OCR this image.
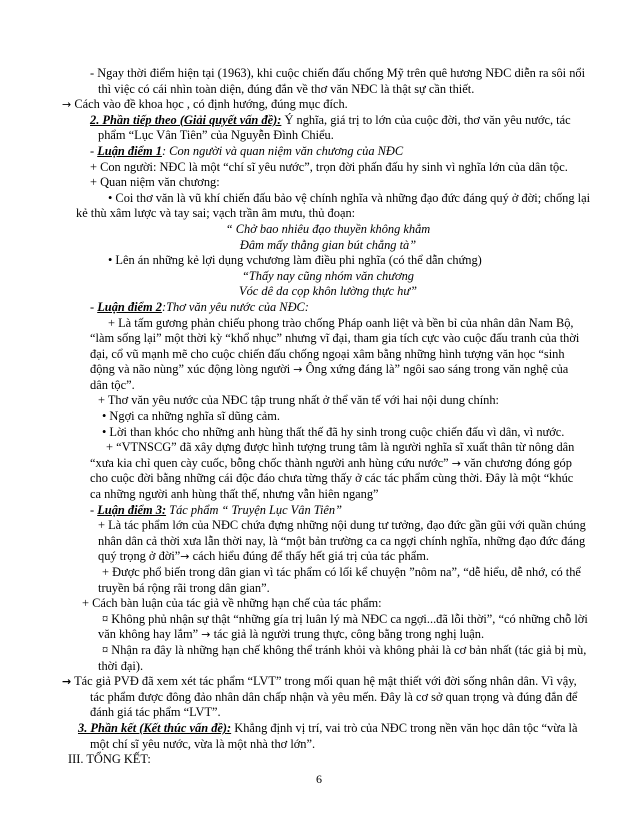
- Ngay thời điểm hiện tại (1963), khi cuộc chiến đấu chống Mỹ trên quê hương NĐC diễn ra sôi nổi

thì việc có cái nhìn toàn diện, đúng đắn về thơ văn NĐC là thật sự cần thiết.

→ Cách vào đề khoa học , có định hướng, đúng mục đích.

2. Phần tiếp theo (Giải quyết vấn đề): Ý nghĩa, giá trị to lớn của cuộc đời, thơ văn yêu nước, tác

phẩm “Lục Vân Tiên” của Nguyễn Đình Chiểu.

- Luận điểm 1: Con người và quan niệm văn chương của NĐC

+ Con người: NĐC là một “chí sĩ yêu nước”, trọn đời phấn đấu hy sinh vì nghĩa lớn của dân tộc.

+ Quan niệm văn chương:

• Coi thơ văn là vũ khí chiến đấu bảo vệ chính nghĩa và những đạo đức đáng quý ở đời; chống lại

kẻ thù xâm lược và tay sai; vạch trần âm mưu, thủ đoạn:

“ Chở bao nhiêu đạo thuyền không khẳm

Đâm mấy thằng gian bút chẳng tà”

• Lên án những kẻ lợi dụng vchương làm điều phi nghĩa (có thể dẫn chứng)

“Thấy nay cũng nhóm văn chương

Vóc dê da cọp khôn lường thực hư”

- Luận điểm 2:Thơ văn yêu nước của NĐC:

+ Là tấm gương phản chiếu phong trào chống Pháp oanh liệt và bền bỉ của nhân dân Nam Bộ,

“làm sống lại” một thời kỳ “khổ nhục” nhưng vĩ đại, tham gia tích cực vào cuộc đấu tranh của thời

đại, cổ vũ mạnh mẽ cho cuộc chiến đấu chống ngoại xâm bằng những hình tượng văn học “sinh

động và não nùng” xúc động lòng người → Ông xứng đáng là” ngôi sao sáng trong văn nghệ của

dân tộc”.

+ Thơ văn yêu nước của NĐC tập trung nhất ở thể văn tế với hai nội dung chính:

• Ngợi ca những nghĩa sĩ dũng cảm.

• Lời than khóc cho những anh hùng thất thế đã hy sinh trong cuộc chiến đấu vì dân, vì nước.

+ “VTNSCG” đã xây dựng được hình tượng trung tâm là người nghĩa sĩ xuất thân từ nông dân

“xưa kia chỉ quen cày cuốc, bỗng chốc thành người anh hùng cứu nước” → văn chương đóng góp

cho cuộc đời bằng những cái độc đáo chưa từng thấy ở các tác phẩm cùng thời. Đây là một “khúc

ca những người anh hùng thất thế, nhưng vẫn hiên ngang”

- Luận điểm 3: Tác phẩm “ Truyện Lục Vân Tiên”

+ Là tác phẩm lớn của NĐC chứa đựng những nội dung tư tưởng, đạo đức gần gũi với quần chúng

nhân dân cả thời xưa lẫn thời nay, là “một bản trường ca ca ngợi chính nghĩa, những đạo đức đáng

quý trọng ở đời”→ cách hiểu đúng để thấy hết giá trị của tác phẩm.

+ Được phổ biến trong dân gian vì tác phẩm có lối kể chuyện ”nôm na”, “dễ hiểu, dễ nhớ, có thể

truyền bá rộng rãi trong dân gian”.

+ Cách bàn luận của tác giả về những hạn chế của tác phẩm:

¤ Không phủ nhận sự thật “những gía trị luân lý mà NĐC ca ngợi...đã lỗi thời”, “có những chỗ lời

văn không hay lắm” → tác giả là người trung thực, công bằng trong nghị luận.

¤ Nhận ra đây là những hạn chế không thể tránh khỏi và không phải là cơ bản nhất (tác giả bị mù,

thời đại).

→ Tác giả PVĐ đã xem xét tác phẩm “LVT” trong mối quan hệ mật thiết với đời sống nhân dân. Vì vậy,

tác phẩm được đông đảo nhân dân chấp nhận và yêu mến. Đây là cơ sở quan trọng và đúng đắn để

đánh giá tác phẩm “LVT”.

3. Phần kết (Kết thúc vấn đề): Khẳng định vị trí, vai trò của NĐC trong nền văn học dân tộc “vừa là

một chí sĩ yêu nước, vừa là một nhà thơ lớn”.

III. TỔNG KẾT:

6
